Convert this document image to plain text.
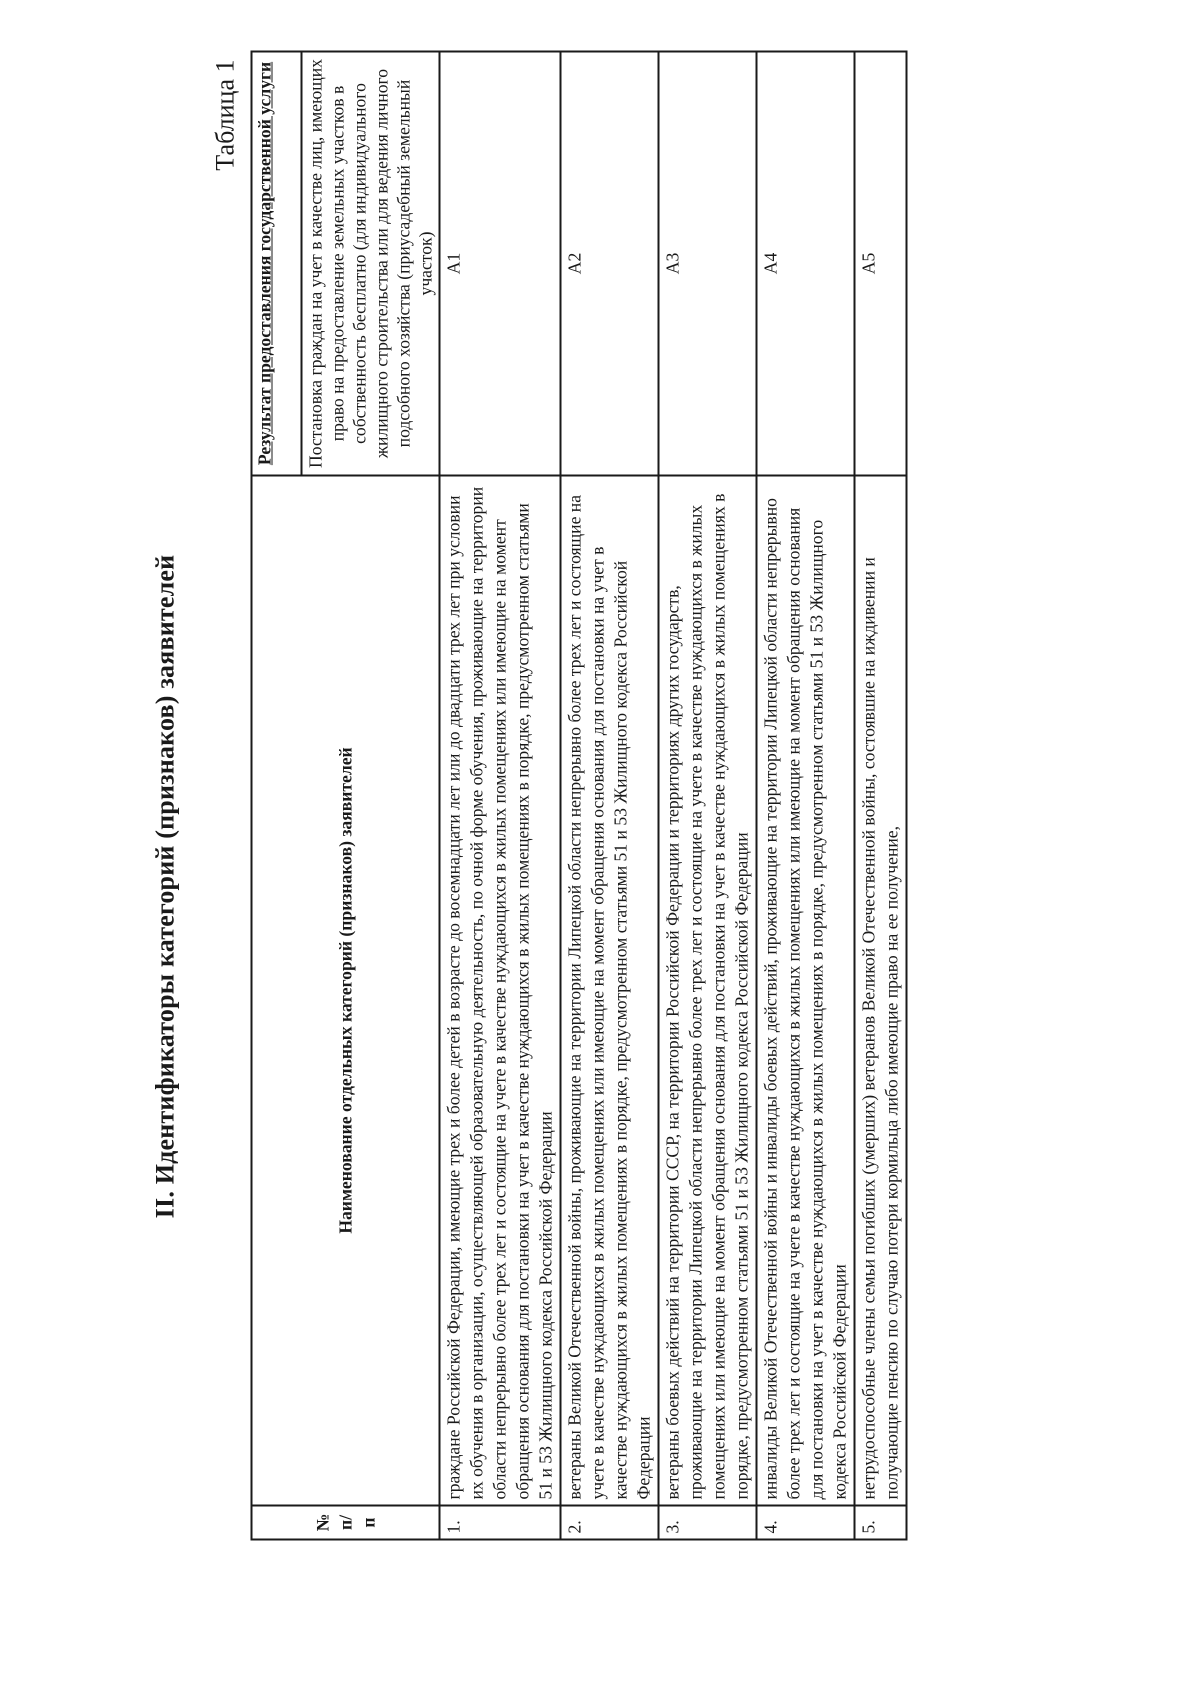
II. Идентификаторы категорий (признаков) заявителей
Таблица 1
№ п/п	Наименование отдельных категорий (признаков) заявителей	Результат предоставления государственной услуги
		Постановка граждан на учет в качестве лиц, имеющих право на предоставление земельных участков в собственность бесплатно (для индивидуального жилищного строительства или для ведения личного подсобного хозяйства (приусадебный земельный участок)
1.	граждане Российской Федерации, имеющие трех и более детей в возрасте до восемнадцати лет или до двадцати трех лет при условии их обучения в организации, осуществляющей образовательную деятельность, по очной форме обучения, проживающие на территории области непрерывно более трех лет и состоящие на учете в качестве нуждающихся в жилых помещениях или имеющие на момент обращения основания для постановки на учет в качестве нуждающихся в жилых помещениях в порядке, предусмотренном статьями 51 и 53 Жилищного кодекса Российской Федерации	А1
2.	ветераны Великой Отечественной войны, проживающие на территории Липецкой области непрерывно более трех лет и состоящие на учете в качестве нуждающихся в жилых помещениях или имеющие на момент обращения основания для постановки на учет в качестве нуждающихся в жилых помещениях в порядке, предусмотренном статьями 51 и 53 Жилищного кодекса Российской Федерации	А2
3.	ветераны боевых действий на территории СССР, на территории Российской Федерации и территориях других государств, проживающие на территории Липецкой области непрерывно более трех лет и состоящие на учете в качестве нуждающихся в жилых помещениях или имеющие на момент обращения основания для постановки на учет в качестве нуждающихся в жилых помещениях в порядке, предусмотренном статьями 51 и 53 Жилищного кодекса Российской Федерации	А3
4.	инвалиды Великой Отечественной войны и инвалиды боевых действий, проживающие на территории Липецкой области непрерывно более трех лет и состоящие на учете в качестве нуждающихся в жилых помещениях или имеющие на момент обращения основания для постановки на учет в качестве нуждающихся в жилых помещениях в порядке, предусмотренном статьями 51 и 53 Жилищного кодекса Российской Федерации	А4
5.	нетрудоспособные члены семьи погибших (умерших) ветеранов Великой Отечественной войны, состоявшие на иждивении и получающие пенсию по случаю потери кормильца либо имеющие право на ее получение,	А5
